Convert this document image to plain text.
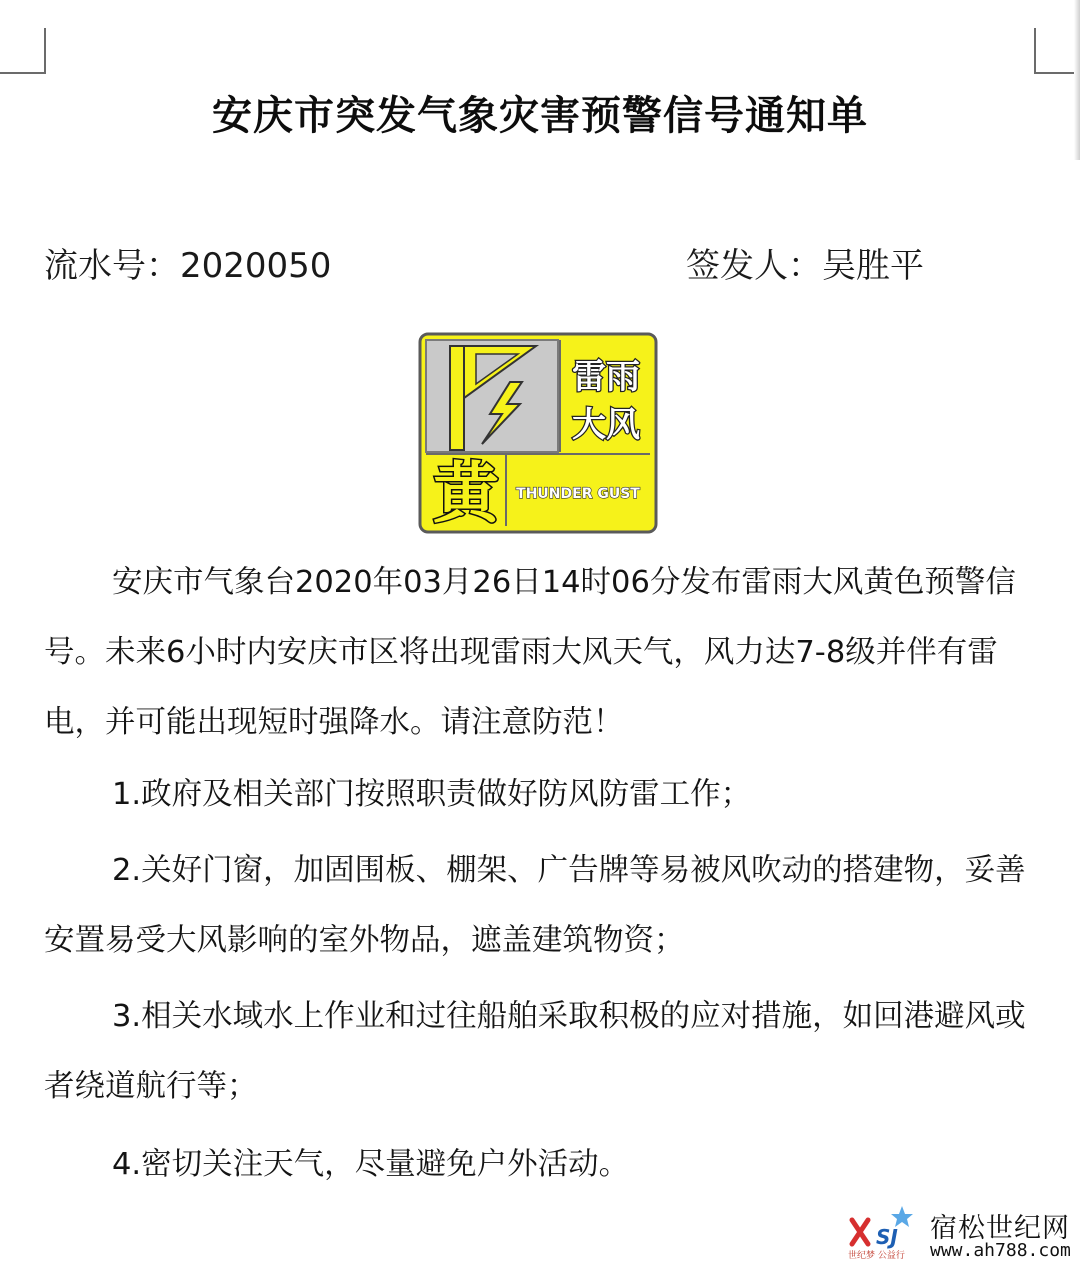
安庆市突发气象灾害预警信号通知单
流水号：2020050	签发人：吴胜平
雷雨
大风
黄 THUNDER GUST

安庆市气象台2020年03月26日14时06分发布雷雨大风黄色预警信号。未来6小时内安庆市区将出现雷雨大风天气，风力达7-8级并伴有雷电，并可能出现短时强降水。请注意防范！

1.政府及相关部门按照职责做好防风防雷工作；

2.关好门窗，加固围板、棚架、广告牌等易被风吹动的搭建物，妥善安置易受大风影响的室外物品，遮盖建筑物资；

3.相关水域水上作业和过往船舶采取积极的应对措施，如回港避风或者绕道航行等；

4.密切关注天气，尽量避免户外活动。

SJ
世纪梦 公益行
宿松世纪网
www.ah788.com
